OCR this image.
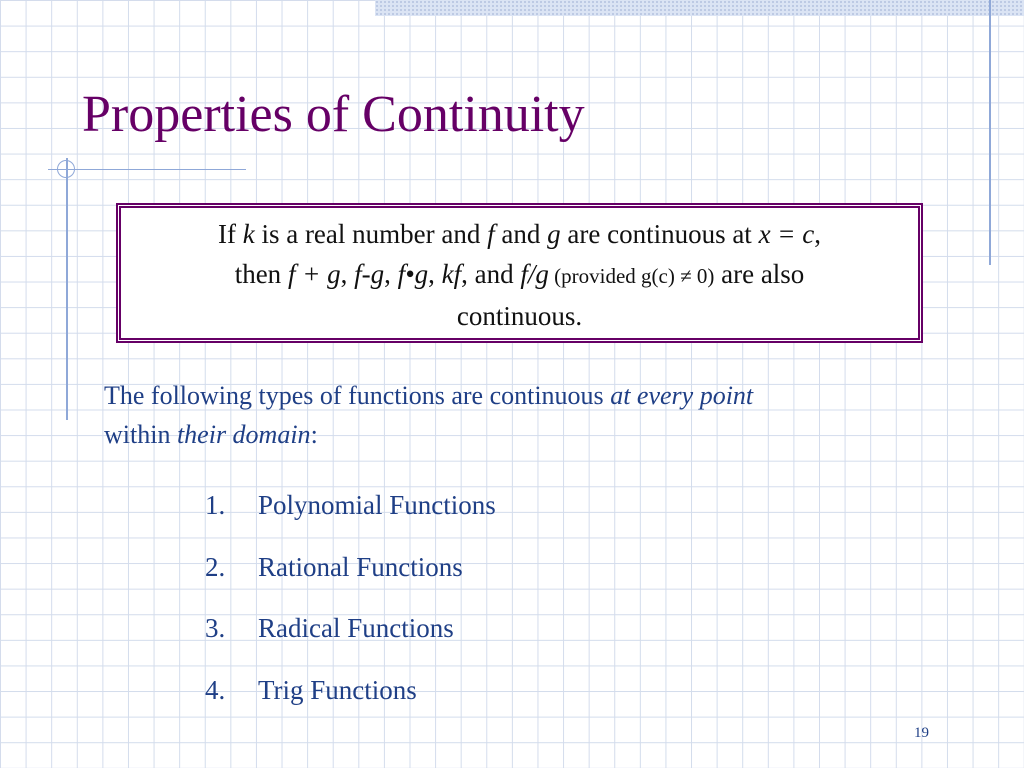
Properties of Continuity
If k is a real number and f and g are continuous at x = c,
then f + g, f-g, f•g, kf, and f/g (provided g(c) ≠ 0) are also
continuous.
The following types of functions are continuous at every point
within their domain:
1. Polynomial Functions
2. Rational Functions
3. Radical Functions
4. Trig Functions
19
